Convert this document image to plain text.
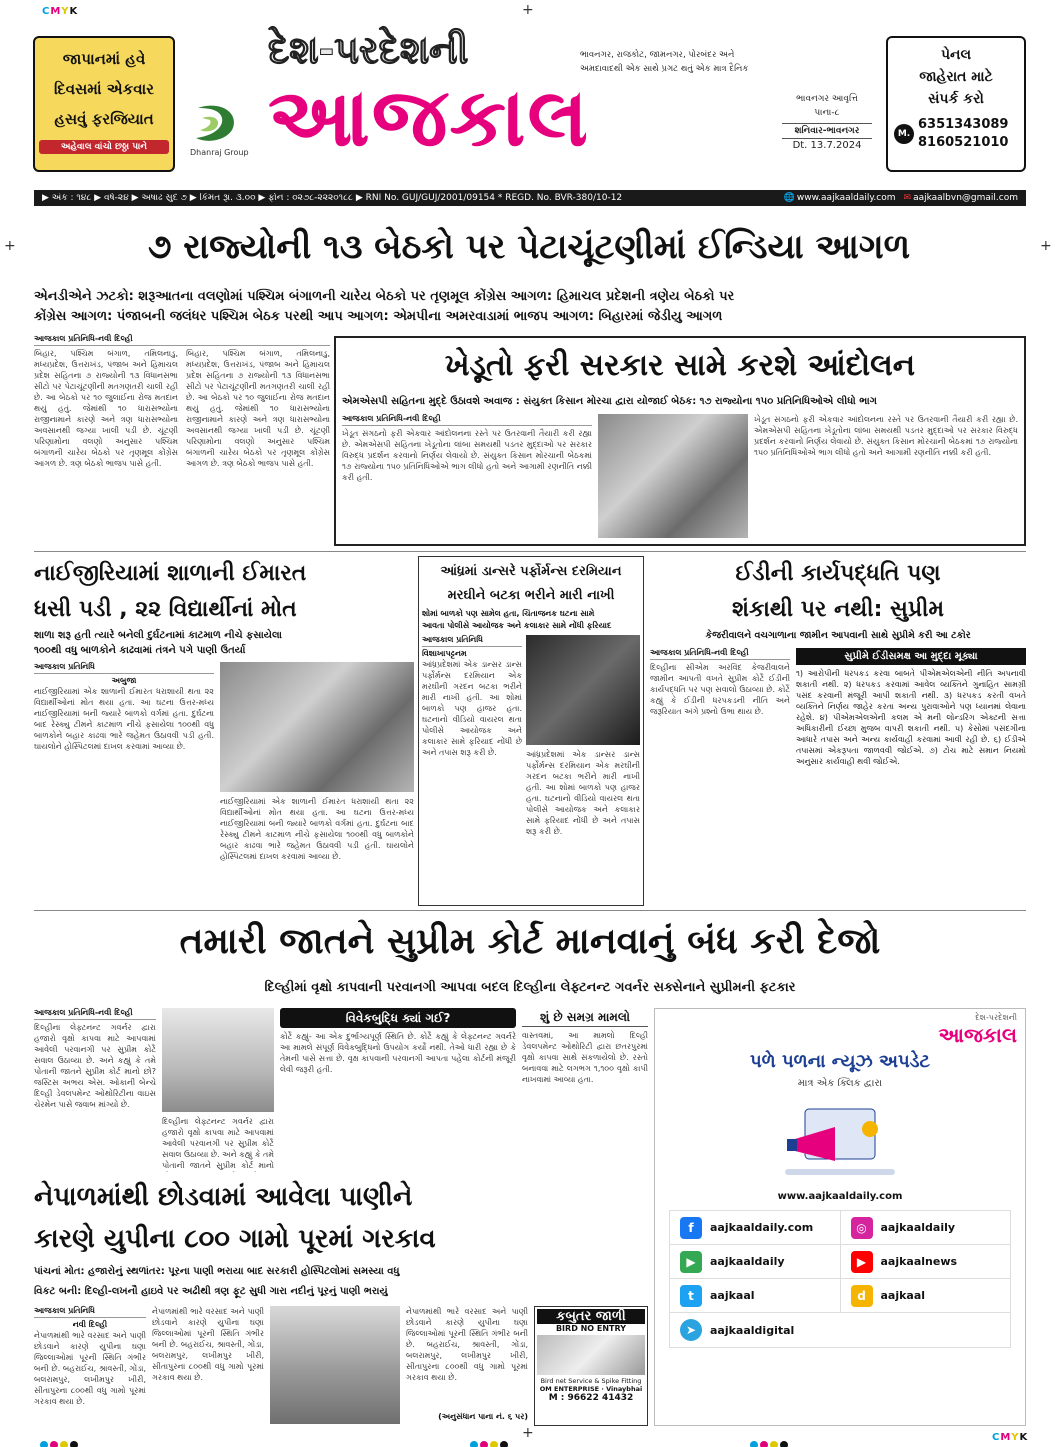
+
+	+
+
CMYK
CMYK
જાપાનમાં હવે
દિવસમાં એકવાર
હસવું ફરજિયાત
અહેવાલ વાંચો છઠ્ઠા પાને
Dhanraj Group
દેશ-પરદેશની
આજકાલ
ભાવનગર, રાજકોટ, જામનગર, પોરબંદર અને
અમદાવાદથી એક સાથે પ્રગટ થતું એક માત્ર દૈનિક
ભાવનગર આવૃત્તિ
પાના-૮
શનિવાર-ભાવનગર
Dt. 13.7.2024
પેનલ
જાહેરાત માટે
સંપર્ક કરો
M.
6351343089
8160521010
▶ અંક : ૧૪૮ ▶ વર્ષ-૨૪ ▶ અષાઢ સુદ ૭ ▶ કિંમત રૂા. ૩.૦૦ ▶ ફોન : ૦૨૭૮-૨૨૨૦૧૮૮ ▶ RNI No. GUJ/GUJ/2001/09154 * REGD. No. BVR-380/10-12	🌐 www.aajkaaldaily.com ✉ aajkaalbvn@gmail.com
૭ રાજ્યોની ૧૩ બેઠકો પર પેટાચૂંટણીમાં ઈન્ડિયા આગળ
એનડીએને ઝટકો: શરૂઆતના વલણોમાં પશ્ચિમ બંગાળની ચારેય બેઠકો પર તૃણમૂલ કોંગ્રેસ આગળ: હિમાચલ પ્રદેશની ત્રણેય બેઠકો પર
કોંગ્રેસ આગળ: પંજાબની જલંધર પશ્ચિમ બેઠક પરથી આપ આગળ: એમપીના અમરવાડામાં ભાજપ આગળ: બિહારમાં જેડીયુ આગળ
આજકાલ પ્રતિનિધિ-નવી દિલ્હી
બિહાર, પશ્ચિમ બંગાળ, તમિલનાડુ, મધ્યપ્રદેશ, ઉત્તરાખંડ, પંજાબ અને હિમાચલ પ્રદેશ સહિતના ૭ રાજ્યોની ૧૩ વિધાનસભા સીટો પર પેટાચૂંટણીની મતગણતરી ચાલી રહી છે. આ બેઠકો પર ૧૦ જુલાઈના રોજ મતદાન થયું હતું. જેમાંથી ૧૦ ધારાસભ્યોના રાજીનામાને કારણે અને ત્રણ ધારાસભ્યોના અવસાનથી જગ્યા ખાલી પડી છે. ચૂંટણી પરિણામોના વલણો અનુસાર પશ્ચિમ બંગાળની ચારેય બેઠકો પર તૃણમૂલ કોંગ્રેસ આગળ છે. ત્રણ બેઠકો ભાજપ પાસે હતી.
બિહાર, પશ્ચિમ બંગાળ, તમિલનાડુ, મધ્યપ્રદેશ, ઉત્તરાખંડ, પંજાબ અને હિમાચલ પ્રદેશ સહિતના ૭ રાજ્યોની ૧૩ વિધાનસભા સીટો પર પેટાચૂંટણીની મતગણતરી ચાલી રહી છે. આ બેઠકો પર ૧૦ જુલાઈના રોજ મતદાન થયું હતું. જેમાંથી ૧૦ ધારાસભ્યોના રાજીનામાને કારણે અને ત્રણ ધારાસભ્યોના અવસાનથી જગ્યા ખાલી પડી છે. ચૂંટણી પરિણામોના વલણો અનુસાર પશ્ચિમ બંગાળની ચારેય બેઠકો પર તૃણમૂલ કોંગ્રેસ આગળ છે. ત્રણ બેઠકો ભાજપ પાસે હતી.
ખેડૂતો ફરી સરકાર સામે કરશે આંદોલન
એમએસપી સહિતના મુદ્દે ઉઠાવશે અવાજ : સંયુક્ત કિસાન મોરચા દ્વારા યોજાઈ બેઠક: ૧૭ રાજ્યોના ૧૫૦ પ્રતિનિધિઓએ લીધો ભાગ
આજકાલ પ્રતિનિધિ-નવી દિલ્હી
ખેડૂત સંગઠનો ફરી એકવાર આંદોલનના રસ્તે પર ઉતરવાની તૈયારી કરી રહ્યા છે. એમએસપી સહિતના ખેડૂતોના લાંબા સમયથી પડતર મુદ્દાઓ પર સરકાર વિરુદ્ધ પ્રદર્શન કરવાનો નિર્ણય લેવાયો છે. સંયુક્ત કિસાન મોરચાની બેઠકમાં ૧૭ રાજ્યોના ૧૫૦ પ્રતિનિધિઓએ ભાગ લીધો હતો અને આગામી રણનીતિ નક્કી કરી હતી.
ખેડૂત સંગઠનો ફરી એકવાર આંદોલનના રસ્તે પર ઉતરવાની તૈયારી કરી રહ્યા છે. એમએસપી સહિતના ખેડૂતોના લાંબા સમયથી પડતર મુદ્દાઓ પર સરકાર વિરુદ્ધ પ્રદર્શન કરવાનો નિર્ણય લેવાયો છે. સંયુક્ત કિસાન મોરચાની બેઠકમાં ૧૭ રાજ્યોના ૧૫૦ પ્રતિનિધિઓએ ભાગ લીધો હતો અને આગામી રણનીતિ નક્કી કરી હતી.
નાઈજીરિયામાં શાળાની ઈમારત
ધસી પડી , ૨૨ વિદ્યાર્થીનાં મોત
શાળા શરૂ હતી ત્યારે બનેલી દુર્ઘટનામાં કાટમાળ નીચે ફસાયેલા
૧૦૦થી વધુ બાળકોને કાઢવામાં તંત્રને પગે પાણી ઉતર્યા
આજકાલ પ્રતિનિધિ
અબુજા
નાઈજીરિયામાં એક શાળાની ઈમારત ધરાશાયી થતા ૨૨ વિદ્યાર્થીઓનાં મોત થયા હતા. આ ઘટના ઉત્તર-મધ્ય નાઈજીરિયામાં બની જ્યારે બાળકો વર્ગમાં હતા. દુર્ઘટના બાદ રેસ્ક્યુ ટીમને કાટમાળ નીચે ફસાયેલા ૧૦૦થી વધુ બાળકોને બહાર કાઢવા ભારે જહેમત ઉઠાવવી પડી હતી. ઘાયલોને હોસ્પિટલમાં દાખલ કરવામાં આવ્યા છે.
નાઈજીરિયામાં એક શાળાની ઈમારત ધરાશાયી થતા ૨૨ વિદ્યાર્થીઓનાં મોત થયા હતા. આ ઘટના ઉત્તર-મધ્ય નાઈજીરિયામાં બની જ્યારે બાળકો વર્ગમાં હતા. દુર્ઘટના બાદ રેસ્ક્યુ ટીમને કાટમાળ નીચે ફસાયેલા ૧૦૦થી વધુ બાળકોને બહાર કાઢવા ભારે જહેમત ઉઠાવવી પડી હતી. ઘાયલોને હોસ્પિટલમાં દાખલ કરવામાં આવ્યા છે.
આંધ્રમાં ડાન્સરે પર્ફોર્મન્સ દરમિયાન
મરઘીને બટકા ભરીને મારી નાખી
શોમાં બાળકો પણ સામેલ હતા, ચિંતાજનક ઘટના સામે
આવતા પોલીસે આયોજક અને કલાકાર સામે નોંધી ફરિયાદ
આજકાલ પ્રતિનિધિ
વિશાખાપટ્ટનમ
આંધ્રપ્રદેશમાં એક ડાન્સર ડાન્સ પર્ફોર્મન્સ દરમિયાન એક મરઘીની ગરદન બટકા ભરીને મારી નાખી હતી. આ શોમાં બાળકો પણ હાજર હતા. ઘટનાનો વીડિયો વાયરલ થતા પોલીસે આયોજક અને કલાકાર સામે ફરિયાદ નોંધી છે અને તપાસ શરૂ કરી છે.	આંધ્રપ્રદેશમાં એક ડાન્સર ડાન્સ પર્ફોર્મન્સ દરમિયાન એક મરઘીની ગરદન બટકા ભરીને મારી નાખી હતી. આ શોમાં બાળકો પણ હાજર હતા. ઘટનાનો વીડિયો વાયરલ થતા પોલીસે આયોજક અને કલાકાર સામે ફરિયાદ નોંધી છે અને તપાસ શરૂ કરી છે.
ઈડીની કાર્યપદ્ધતિ પણ
શંકાથી પર નથી: સુપ્રીમ
કેજરીવાલને વચગાળાના જામીન આપવાની સાથે સુપ્રીમે કરી આ ટકોર
આજકાલ પ્રતિનિધિ-નવી દિલ્હી
દિલ્હીના સીએમ અરવિંદ કેજરીવાલને જામીન આપતી વખતે સુપ્રીમ કોર્ટે ઈડીની કાર્યપદ્ધતિ પર પણ સવાલો ઉઠાવ્યા છે. કોર્ટે કહ્યું કે ઈડીની ધરપકડની નીતિ અને જરૂરિયાત અંગે પ્રશ્નો ઉભા થાય છે.
સુપ્રીમે ઈડીસમક્ષ આ મુદ્દા મૂક્યા
૧) આરોપીની ધરપકડ કરવા બાબતે પીએમએલએની નીતિ અપનાવી શકાતી નથી. ૨) ધરપકડ કરવામાં આવેલ વ્યક્તિને ગુનાહિત સામગ્રી પસંદ કરવાની મંજૂરી આપી શકાતી નથી. ૩) ધરપકડ કરતી વખતે વ્યક્તિને નિર્ણય જાહેર કરતા અન્ય પુરાવાઓને પણ ધ્યાનમાં લેવાના રહેશે. ૪) પીએમએલએની કલમ એ મની લોન્ડરિંગ એક્ટની સત્તા અધિકારીની ઈચ્છા મુજબ વાપરી શકાતી નથી. ૫) કેસોમાં પસંદગીના આધારે તપાસ અને અન્ય કાર્યવાહી કરવામાં આવી રહી છે. ૬) ઈડીએ તપાસમાં એકરૂપતા જાળવવી જોઈએ. ૭) ટોચ માટે સમાન નિયમો અનુસાર કાર્યવાહી થવી જોઈએ.
તમારી જાતને સુપ્રીમ કોર્ટ માનવાનું બંધ કરી દેજો
દિલ્હીમાં વૃક્ષો કાપવાની પરવાનગી આપવા બદલ દિલ્હીના લેફ્ટનન્ટ ગવર્નર સક્સેનાને સુપ્રીમની ફટકાર
આજકાલ પ્રતિનિધિ-નવી દિલ્હી
દિલ્હીના લેફ્ટનન્ટ ગવર્નર દ્વારા હજારો વૃક્ષો કાપવા માટે આપવામાં આવેલી પરવાનગી પર સુપ્રીમ કોર્ટે સવાલ ઉઠાવ્યા છે. અને કહ્યું કે તમે પોતાની જાતને સુપ્રીમ કોર્ટ માનો છો? જસ્ટિસ અભય એસ. ઓકાની બેન્ચે દિલ્હી ડેવલપમેન્ટ ઓથોરિટીના વાઇસ ચેરમેન પાસે જવાબ માંગ્યો છે.
દિલ્હીના લેફ્ટનન્ટ ગવર્નર દ્વારા હજારો વૃક્ષો કાપવા માટે આપવામાં આવેલી પરવાનગી પર સુપ્રીમ કોર્ટે સવાલ ઉઠાવ્યા છે. અને કહ્યું કે તમે પોતાની જાતને સુપ્રીમ કોર્ટ માનો
વિવેકબુદ્ધિ ક્યાં ગઈ?
કોર્ટે કહ્યું- આ એક દુર્ભાગ્યપૂર્ણ સ્થિતિ છે. કોર્ટે કહ્યું કે લેફ્ટનન્ટ ગવર્નરે આ મામલે સંપૂર્ણ વિવેકબુદ્ધિનો ઉપયોગ કર્યો નથી. તેઓ ધારી રહ્યા છે કે તેમની પાસે સત્તા છે. વૃક્ષ કાપવાની પરવાનગી આપતા પહેલા કોર્ટની મંજૂરી લેવી જરૂરી હતી.
શું છે સમગ્ર મામલો
વાસ્તવમાં, આ મામલો દિલ્હી ડેવલપમેન્ટ ઓથોરિટી દ્વારા છતરપુરમાં વૃક્ષો કાપવા સાથે સંકળાયેલો છે. રસ્તો બનાવવા માટે લગભગ ૧,૧૦૦ વૃક્ષો કાપી નાખવામાં આવ્યા હતા.
દેશ-પરદેશની
આજકાલ
પળે પળના ન્યૂઝ અપડેટ
માત્ર એક ક્લિક દ્વારા
www.aajkaaldaily.com
f	aajkaaldaily.com	◎	aajkaaldaily
▶	aajkaaldaily	▶	aajkaalnews
t	aajkaal	d	aajkaal
➤	aajkaaldigital
નેપાળમાંથી છોડવામાં આવેલા પાણીને
કારણે યુપીના ૮૦૦ ગામો પૂરમાં ગરકાવ
પાંચનાં મોત: હજારોનું સ્થળાંતર: પૂરના પાણી ભરાયા બાદ સરકારી હોસ્પિટલોમાં સમસ્યા વધુ
વિકટ બની: દિલ્હી-લખનૌ હાઇવે પર અઢીથી ત્રણ ફૂટ સુધી ગારા નદીનું પૂરનું પાણી ભરાયું
આજકાલ પ્રતિનિધિ
નવી દિલ્હી
નેપાળમાંથી ભારે વરસાદ અને પાણી છોડવાને કારણે યુપીના ઘણા જિલ્લાઓમાં પૂરની સ્થિતિ ગંભીર બની છે. બહરાઈચ, શ્રાવસ્તી, ગોંડા, બલરામપુર, લખીમપુર ખીરી, સીતાપુરના ૮૦૦થી વધુ ગામો પૂરમાં ગરકાવ થયા છે.
નેપાળમાંથી ભારે વરસાદ અને પાણી છોડવાને કારણે યુપીના ઘણા જિલ્લાઓમાં પૂરની સ્થિતિ ગંભીર બની છે. બહરાઈચ, શ્રાવસ્તી, ગોંડા, બલરામપુર, લખીમપુર ખીરી, સીતાપુરના ૮૦૦થી વધુ ગામો પૂરમાં ગરકાવ થયા છે.
નેપાળમાંથી ભારે વરસાદ અને પાણી છોડવાને કારણે યુપીના ઘણા જિલ્લાઓમાં પૂરની સ્થિતિ ગંભીર બની છે. બહરાઈચ, શ્રાવસ્તી, ગોંડા, બલરામપુર, લખીમપુર ખીરી, સીતાપુરના ૮૦૦થી વધુ ગામો પૂરમાં ગરકાવ થયા છે.
(અનુસંધાન પાના નં. ૬ પર)
કબુતર જાળી
BIRD NO ENTRY
Bird net Service & Spike Fitting
OM ENTERPRISE · Vinaybhai
M : 96622 41432
